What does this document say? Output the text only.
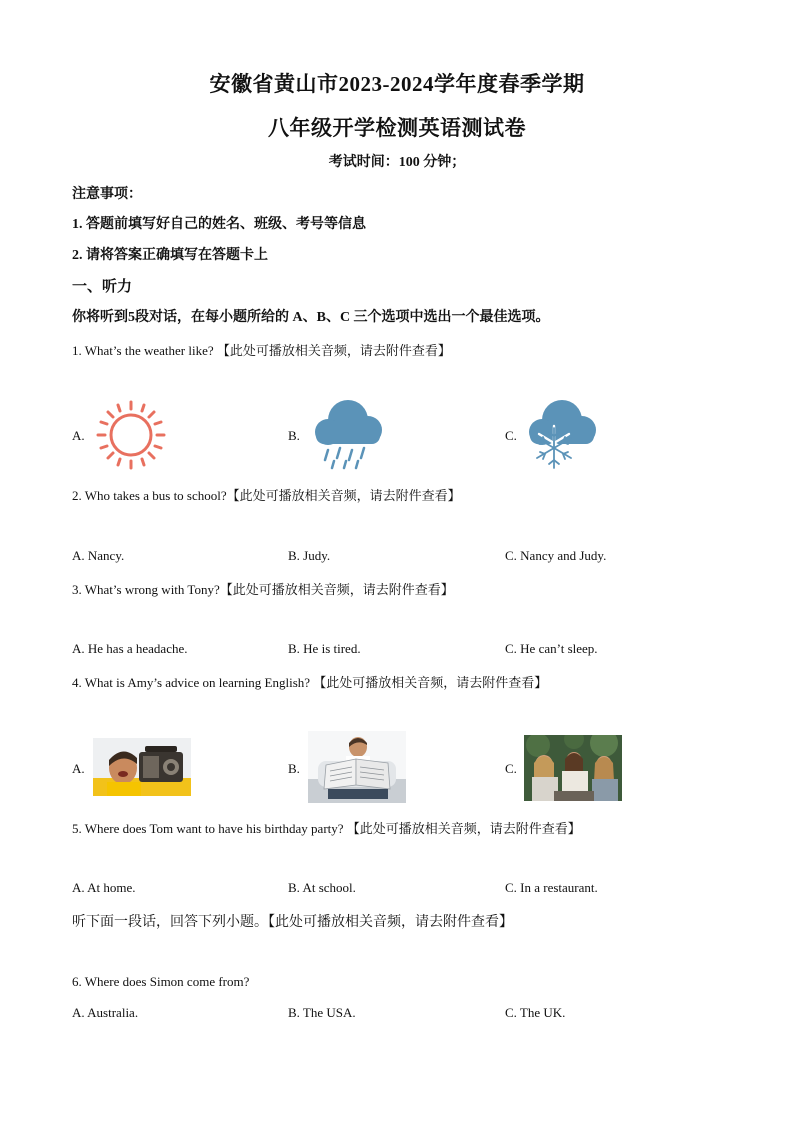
安徽省黄山市2023-2024学年度春季学期
八年级开学检测英语测试卷
考试时间：100 分钟；
注意事项：
1. 答题前填写好自己的姓名、班级、考号等信息
2. 请将答案正确填写在答题卡上
一、听力
你将听到5段对话，在每小题所给的 A、B、C 三个选项中选出一个最佳选项。
1. What’s the weather like? 【此处可播放相关音频，请去附件查看】
A.	B.	C.
2. Who takes a bus to school?【此处可播放相关音频，请去附件查看】
A. Nancy.	B. Judy.	C. Nancy and Judy.
3. What’s wrong with Tony?【此处可播放相关音频，请去附件查看】
A. He has a headache.	B. He is tired.	C. He can’t sleep.
4. What is Amy’s advice on learning English? 【此处可播放相关音频，请去附件查看】
A.	B.	C.
5. Where does Tom want to have his birthday party? 【此处可播放相关音频，请去附件查看】
A. At home.	B. At school.	C. In a restaurant.
听下面一段话，回答下列小题。【此处可播放相关音频，请去附件查看】
6. Where does Simon come from?
A. Australia.	B. The USA.	C. The UK.
